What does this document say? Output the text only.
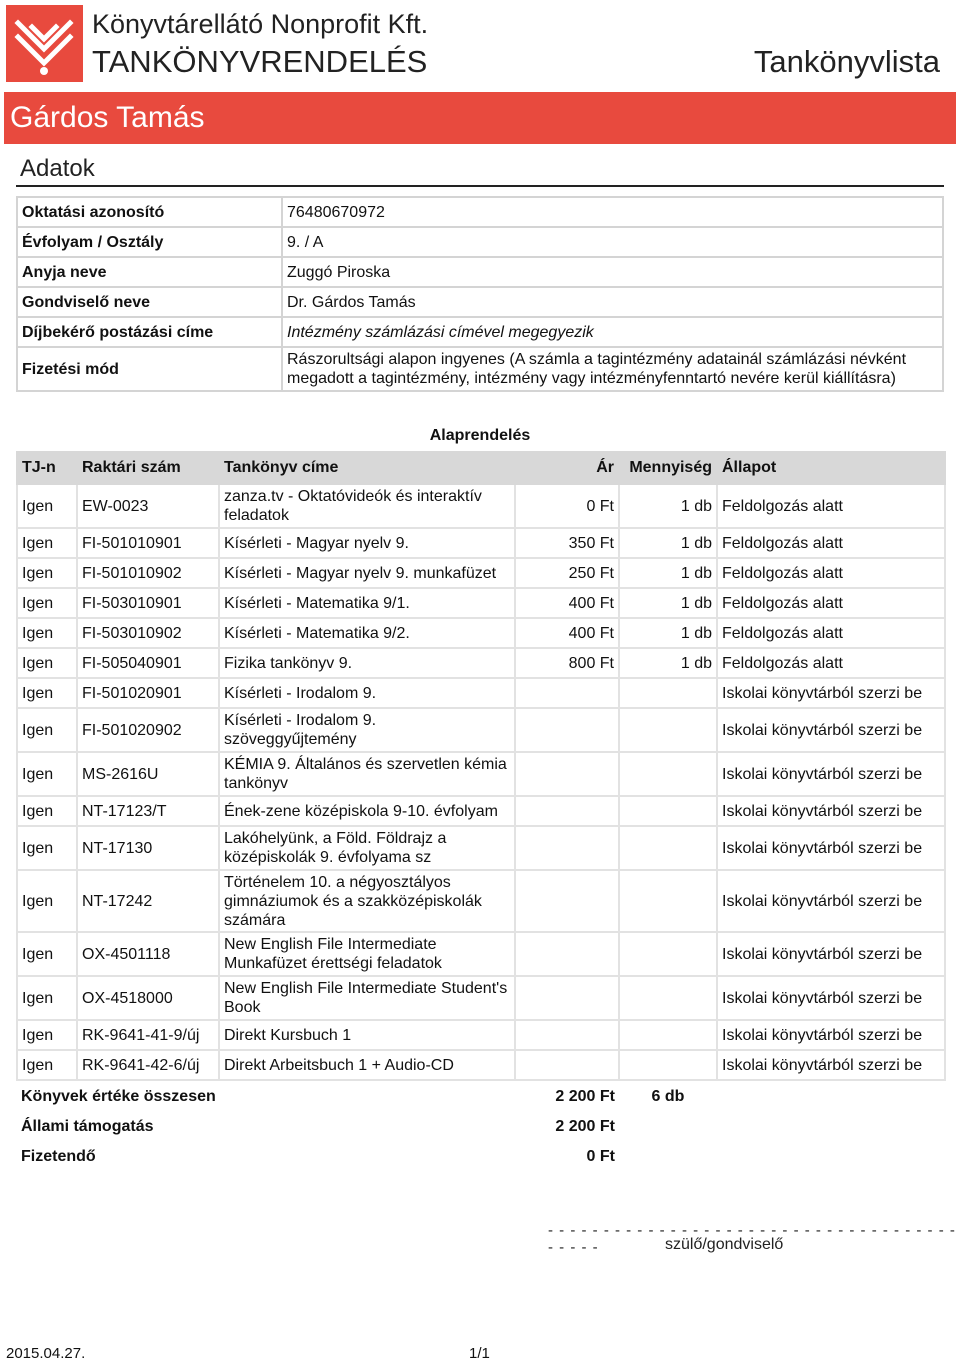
Könyvtárellátó Nonprofit Kft.
TANKÖNYVRENDELÉS	Tankönyvlista
Gárdos Tamás
Adatok
Oktatási azonosító	76480670972
Évfolyam / Osztály	9. / A
Anyja neve	Zuggó Piroska
Gondviselő neve	Dr. Gárdos Tamás
Díjbekérő postázási címe	Intézmény számlázási címével megegyezik
Fizetési mód	Rászorultsági alapon ingyenes (A számla a tagintézmény adatainál számlázási névként megadott a tagintézmény, intézmény vagy intézményfenntartó nevére kerül kiállításra)
Alaprendelés
TJ-n	Raktári szám	Tankönyv címe	Ár	Mennyiség	Állapot
Igen	EW-0023	zanza.tv - Oktatóvideók és interaktív feladatok	0 Ft	1 db	Feldolgozás alatt
Igen	FI-501010901	Kísérleti - Magyar nyelv 9.	350 Ft	1 db	Feldolgozás alatt
Igen	FI-501010902	Kísérleti - Magyar nyelv 9. munkafüzet	250 Ft	1 db	Feldolgozás alatt
Igen	FI-503010901	Kísérleti - Matematika 9/1.	400 Ft	1 db	Feldolgozás alatt
Igen	FI-503010902	Kísérleti - Matematika 9/2.	400 Ft	1 db	Feldolgozás alatt
Igen	FI-505040901	Fizika tankönyv 9.	800 Ft	1 db	Feldolgozás alatt
Igen	FI-501020901	Kísérleti - Irodalom 9.			Iskolai könyvtárból szerzi be
Igen	FI-501020902	Kísérleti - Irodalom 9. szöveggyűjtemény			Iskolai könyvtárból szerzi be
Igen	MS-2616U	KÉMIA 9. Általános és szervetlen kémia tankönyv			Iskolai könyvtárból szerzi be
Igen	NT-17123/T	Ének-zene középiskola 9-10. évfolyam			Iskolai könyvtárból szerzi be
Igen	NT-17130	Lakóhelyünk, a Föld. Földrajz a középiskolák 9. évfolyama sz			Iskolai könyvtárból szerzi be
Igen	NT-17242	Történelem 10. a négyosztályos gimnáziumok és a szakközépiskolák számára			Iskolai könyvtárból szerzi be
Igen	OX-4501118	New English File Intermediate Munkafüzet érettségi feladatok			Iskolai könyvtárból szerzi be
Igen	OX-4518000	New English File Intermediate Student's Book			Iskolai könyvtárból szerzi be
Igen	RK-9641-41-9/új	Direkt Kursbuch 1			Iskolai könyvtárból szerzi be
Igen	RK-9641-42-6/új	Direkt Arbeitsbuch 1 + Audio-CD			Iskolai könyvtárból szerzi be
Könyvek értéke összesen			2 200 Ft	6 db	
Állami támogatás			2 200 Ft		
Fizetendő			0 Ft		
- - - - - - - - - - - - - - - - - - - - - - - - - - - - - - - - - - - - - - - - - -	szülő/gondviselő
2015.04.27.	1/1
